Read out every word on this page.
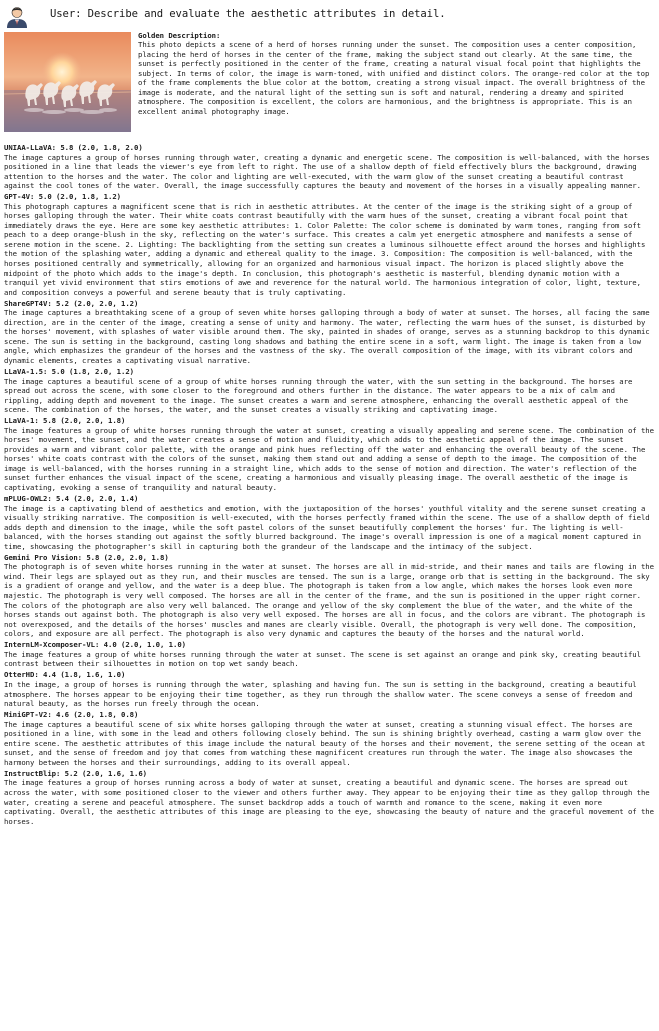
User: Describe and evaluate the aesthetic attributes in detail.
Golden Description:
This photo depicts a scene of a herd of horses running under the sunset. The composition uses a center composition, placing the herd of horses in the center of the frame, making the subject stand out clearly. At the same time, the sunset is perfectly positioned in the center of the frame, creating a natural visual focal point that highlights the subject. In terms of color, the image is warm-toned, with unified and distinct colors. The orange-red color at the top of the frame complements the blue color at the bottom, creating a strong visual impact. The overall brightness of the image is moderate, and the natural light of the setting sun is soft and natural, rendering a dreamy and spirited atmosphere. The composition is excellent, the colors are harmonious, and the brightness is appropriate. This is an excellent animal photography image.
UNIAA-LLaVA: 5.8 (2.0, 1.8, 2.0)
The image captures a group of horses running through water, creating a dynamic and energetic scene. The composition is well-balanced, with the horses positioned in a line that leads the viewer's eye from left to right. The use of a shallow depth of field effectively blurs the background, drawing attention to the horses and the water. The color and lighting are well-executed, with the warm glow of the sunset creating a beautiful contrast against the cool tones of the water. Overall, the image successfully captures the beauty and movement of the horses in a visually appealing manner.
GPT-4V: 5.0 (2.0, 1.8, 1.2)
This photograph captures a magnificent scene that is rich in aesthetic attributes. At the center of the image is the striking sight of a group of horses galloping through the water. Their white coats contrast beautifully with the warm hues of the sunset, creating a vibrant focal point that immediately draws the eye. Here are some key aesthetic attributes: 1. Color Palette: The color scheme is dominated by warm tones, ranging from soft peach to a deep orange-blush in the sky, reflecting on the water's surface. This creates a calm yet energetic atmosphere and manifests a sense of serene motion in the scene. 2. Lighting: The backlighting from the setting sun creates a luminous silhouette effect around the horses and highlights the motion of the splashing water, adding a dynamic and ethereal quality to the image. 3. Composition: The composition is well-balanced, with the horses positioned centrally and symmetrically, allowing for an organized and harmonious visual impact. The horizon is placed slightly above the midpoint of the photo which adds to the image's depth. In conclusion, this photograph's aesthetic is masterful, blending dynamic motion with a tranquil yet vivid environment that stirs emotions of awe and reverence for the natural world. The harmonious integration of color, light, texture, and composition conveys a powerful and serene beauty that is truly captivating.
ShareGPT4V: 5.2 (2.0, 2.0, 1.2)
The image captures a breathtaking scene of a group of seven white horses galloping through a body of water at sunset. The horses, all facing the same direction, are in the center of the image, creating a sense of unity and harmony. The water, reflecting the warm hues of the sunset, is disturbed by the horses' movement, with splashes of water visible around them. The sky, painted in shades of orange, serves as a stunning backdrop to this dynamic scene. The sun is setting in the background, casting long shadows and bathing the entire scene in a soft, warm light. The image is taken from a low angle, which emphasizes the grandeur of the horses and the vastness of the sky. The overall composition of the image, with its vibrant colors and dynamic elements, creates a captivating visual narrative.
LLaVA-1.5: 5.0 (1.8, 2.0, 1.2)
The image captures a beautiful scene of a group of white horses running through the water, with the sun setting in the background. The horses are spread out across the scene, with some closer to the foreground and others further in the distance. The water appears to be a mix of calm and rippling, adding depth and movement to the image. The sunset creates a warm and serene atmosphere, enhancing the overall aesthetic appeal of the scene. The combination of the horses, the water, and the sunset creates a visually striking and captivating image.
LLaVA-1: 5.8 (2.0, 2.0, 1.8)
The image features a group of white horses running through the water at sunset, creating a visually appealing and serene scene. The combination of the horses' movement, the sunset, and the water creates a sense of motion and fluidity, which adds to the aesthetic appeal of the image. The sunset provides a warm and vibrant color palette, with the orange and pink hues reflecting off the water and enhancing the overall beauty of the scene. The horses' white coats contrast with the colors of the sunset, making them stand out and adding a sense of depth to the image. The composition of the image is well-balanced, with the horses running in a straight line, which adds to the sense of motion and direction. The water's reflection of the sunset further enhances the visual impact of the scene, creating a harmonious and visually pleasing image. The overall aesthetic of the image is captivating, evoking a sense of tranquility and natural beauty.
mPLUG-OWL2: 5.4 (2.0, 2.0, 1.4)
The image is a captivating blend of aesthetics and emotion, with the juxtaposition of the horses' youthful vitality and the serene sunset creating a visually striking narrative. The composition is well-executed, with the horses perfectly framed within the scene. The use of a shallow depth of field adds depth and dimension to the image, while the soft pastel colors of the sunset beautifully complement the horses' fur. The lighting is well-balanced, with the horses standing out against the softly blurred background. The image's overall impression is one of a magical moment captured in time, showcasing the photographer's skill in capturing both the grandeur of the landscape and the intimacy of the subject.
Gemini Pro Vision: 5.8 (2.0, 2.0, 1.8)
The photograph is of seven white horses running in the water at sunset. The horses are all in mid-stride, and their manes and tails are flowing in the wind. Their legs are splayed out as they run, and their muscles are tensed. The sun is a large, orange orb that is setting in the background. The sky is a gradient of orange and yellow, and the water is a deep blue. The photograph is taken from a low angle, which makes the horses look even more majestic. The photograph is very well composed. The horses are all in the center of the frame, and the sun is positioned in the upper right corner. The colors of the photograph are also very well balanced. The orange and yellow of the sky complement the blue of the water, and the white of the horses stands out against both. The photograph is also very well exposed. The horses are all in focus, and the colors are vibrant. The photograph is not overexposed, and the details of the horses' muscles and manes are clearly visible. Overall, the photograph is very well done. The composition, colors, and exposure are all perfect. The photograph is also very dynamic and captures the beauty of the horses and the natural world.
InternLM-Xcomposer-VL: 4.0 (2.0, 1.0, 1.0)
The image features a group of white horses running through the water at sunset. The scene is set against an orange and pink sky, creating beautiful contrast between their silhouettes in motion on top wet sandy beach.
OtterHD: 4.4 (1.8, 1.6, 1.0)
In the image, a group of horses is running through the water, splashing and having fun. The sun is setting in the background, creating a beautiful atmosphere. The horses appear to be enjoying their time together, as they run through the shallow water. The scene conveys a sense of freedom and natural beauty, as the horses run freely through the ocean.
MiniGPT-V2: 4.6 (2.0, 1.8, 0.8)
The image captures a beautiful scene of six white horses galloping through the water at sunset, creating a stunning visual effect. The horses are positioned in a line, with some in the lead and others following closely behind. The sun is shining brightly overhead, casting a warm glow over the entire scene. The aesthetic attributes of this image include the natural beauty of the horses and their movement, the serene setting of the ocean at sunset, and the sense of freedom and joy that comes from watching these magnificent creatures run through the water. The image also showcases the harmony between the horses and their surroundings, adding to its overall appeal.
InstructBlip: 5.2 (2.0, 1.6, 1.6)
The image features a group of horses running across a body of water at sunset, creating a beautiful and dynamic scene. The horses are spread out across the water, with some positioned closer to the viewer and others further away. They appear to be enjoying their time as they gallop through the water, creating a serene and peaceful atmosphere. The sunset backdrop adds a touch of warmth and romance to the scene, making it even more captivating. Overall, the aesthetic attributes of this image are pleasing to the eye, showcasing the beauty of nature and the graceful movement of the horses.
